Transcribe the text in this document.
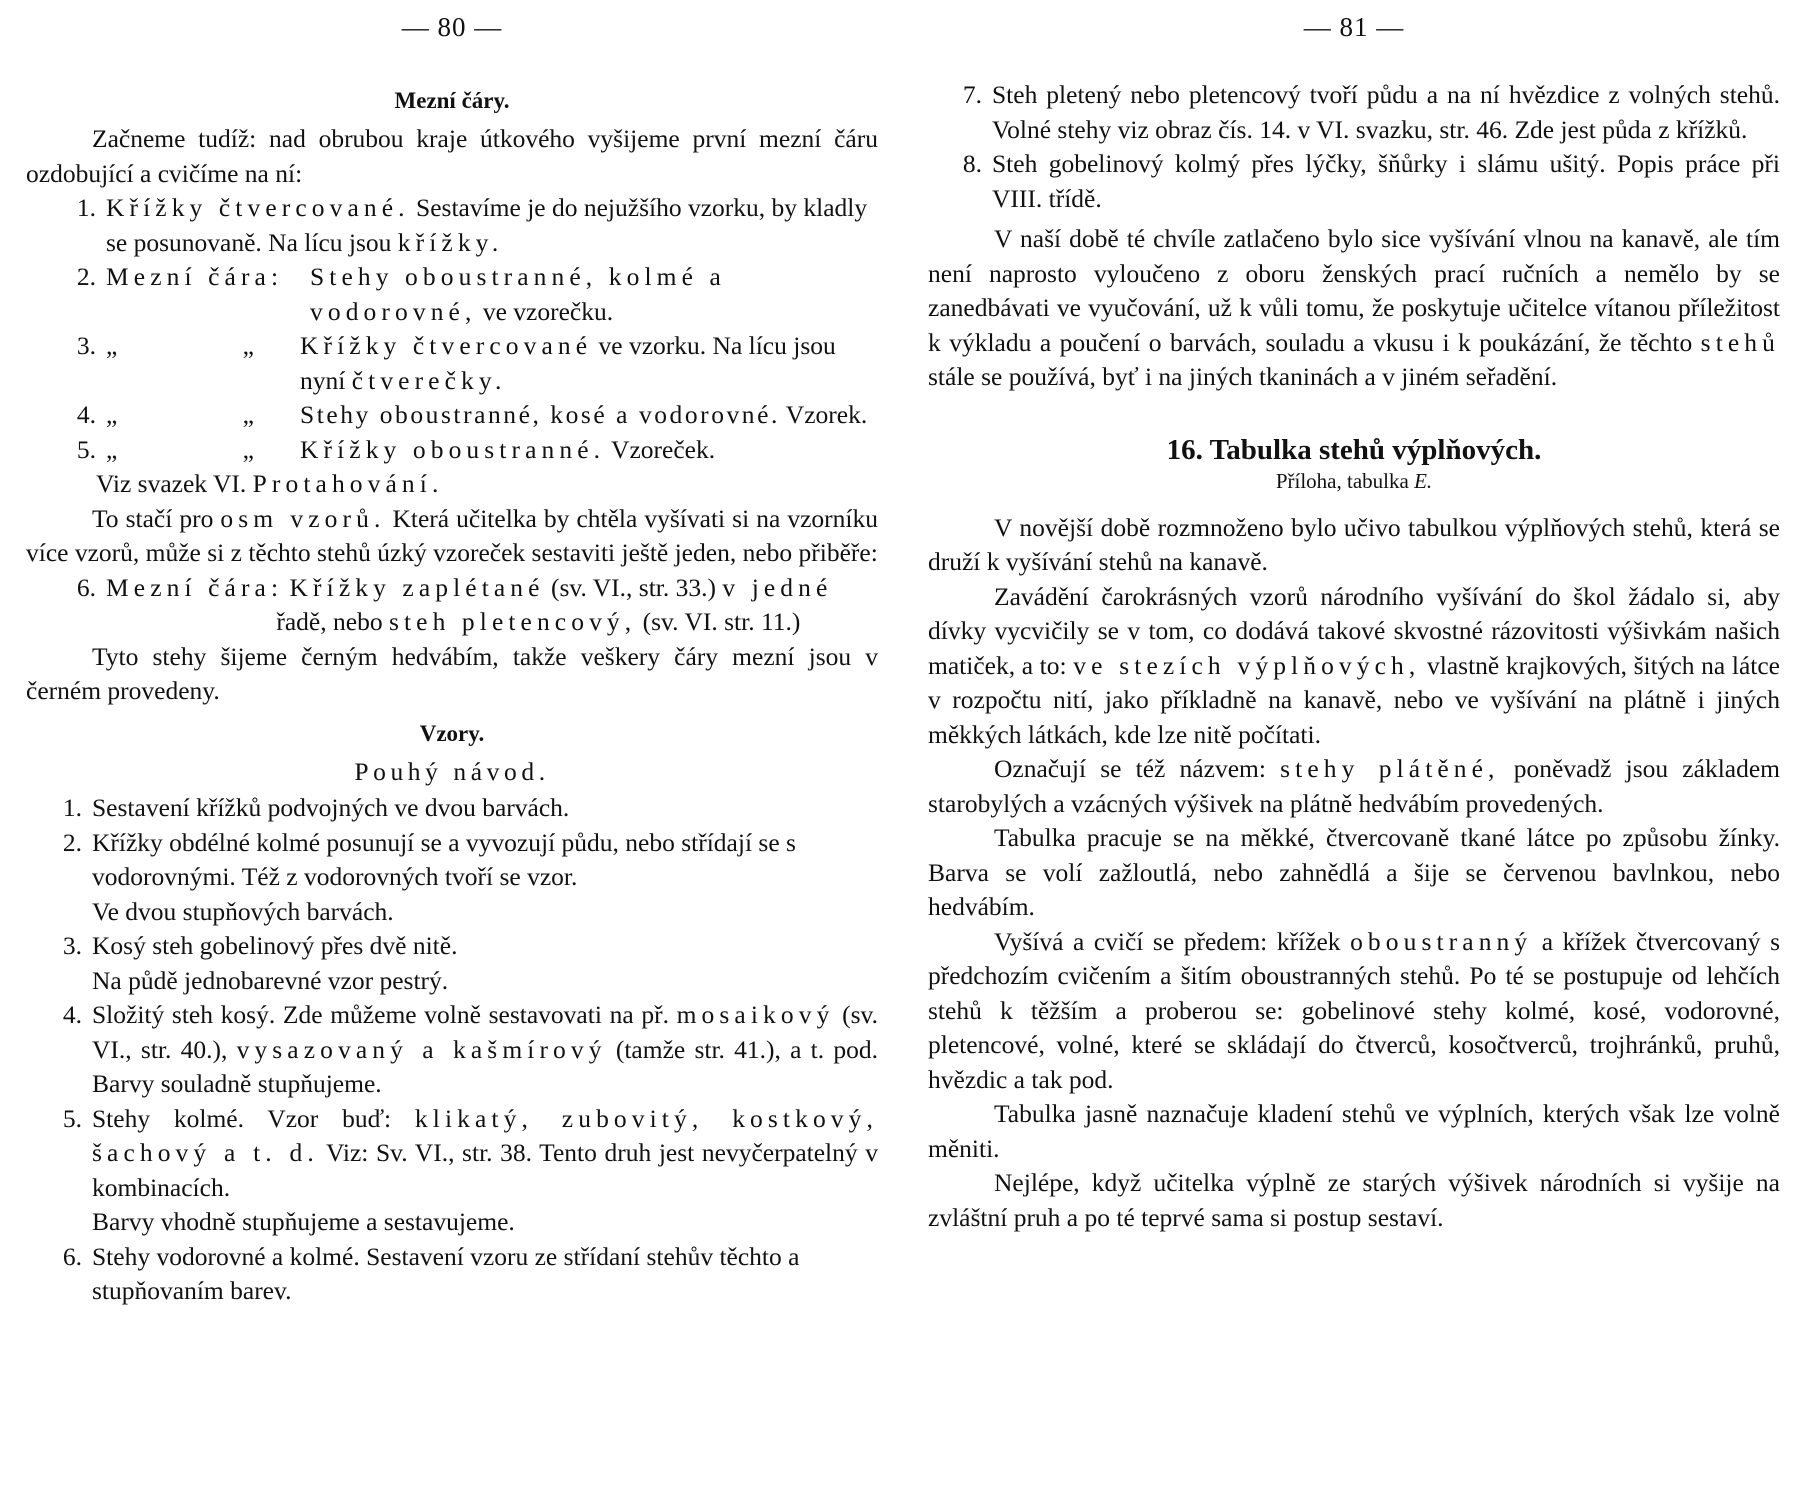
— 80 —
Mezní čáry.

Začneme tudíž: nad obrubou kraje útkového vyšijeme první mezní čáru ozdobující a cvičíme na ní:

1. Křížky čtvercované. Sestavíme je do nejužšího vzorku, by kladly se posunovaně. Na lícu jsou křížky.
2. Mezní čára:	Stehy oboustranné, kolmé a vodorovné, ve vzorečku.
3. „	„ Křížky čtvercované ve vzorku. Na lícu jsou nyní čtverečky.
4. „	„ Stehy oboustranné, kosé a vodorovné. Vzorek.
5. „	„ Křížky oboustranné. Vzoreček.
Viz svazek VI. Protahování.

To stačí pro osm vzorů. Která učitelka by chtěla vyšívati si na vzorníku více vzorů, může si z těchto stehů úzký vzoreček sestaviti ještě jeden, nebo přiběře:

6. Mezní čára: Křížky zaplétané (sv. VI., str. 33.) v jedné
řadě, nebo steh pletencový, (sv. VI. str. 11.)

Tyto stehy šijeme černým hedvábím, takže veškery čáry mezní jsou v černém provedeny.

Vzory.
Pouhý návod.
1. Sestavení křížků podvojných ve dvou barvách.
2. Křížky obdélné kolmé posunují se a vyvozují půdu, nebo střídají se s vodorovnými. Též z vodorovných tvoří se vzor.
Ve dvou stupňových barvách.
3. Kosý steh gobelinový přes dvě nitě.
Na půdě jednobarevné vzor pestrý.
4. Složitý steh kosý. Zde můžeme volně sestavovati na př. mosaikový (sv. VI., str. 40.), vysazovaný a kašmírový (tamže str. 41.), a t. pod. Barvy souladně stupňujeme.
5. Stehy kolmé. Vzor buď: klikatý, zubovitý, kostkový, šachový a t. d. Viz: Sv. VI., str. 38. Tento druh jest nevyčerpatelný v kombinacích.
Barvy vhodně stupňujeme a sestavujeme.
6. Stehy vodorovné a kolmé. Sestavení vzoru ze střídaní stehův těchto a stupňovaním barev.
— 81 —
7. Steh pletený nebo pletencový tvoří půdu a na ní hvězdice z volných stehů. Volné stehy viz obraz čís. 14. v VI. svazku, str. 46. Zde jest půda z křížků.
8. Steh gobelinový kolmý přes lýčky, šňůrky i slámu ušitý. Popis práce při VIII. třídě.

V naší době té chvíle zatlačeno bylo sice vyšívání vlnou na kanavě, ale tím není naprosto vyloučeno z oboru ženských prací ručních a nemělo by se zanedbávati ve vyučování, už k vůli tomu, že poskytuje učitelce vítanou příležitost k výkladu a poučení o barvách, souladu a vkusu i k poukázání, že těchto stehů stále se používá, byť i na jiných tkaninách a v jiném seřadění.

16. Tabulka stehů výplňových.
Příloha, tabulka E.

V novější době rozmnoženo bylo učivo tabulkou výplňových stehů, která se druží k vyšívání stehů na kanavě.

Zavádění čarokrásných vzorů národního vyšívání do škol žádalo si, aby dívky vycvičily se v tom, co dodává takové skvostné rázovitosti výšivkám našich matiček, a to: ve stezích výplňových, vlastně krajkových, šitých na látce v rozpočtu nití, jako příkladně na kanavě, nebo ve vyšívání na plátně i jiných měkkých látkách, kde lze nitě počítati.

Označují se též názvem: stehy plátěné, poněvadž jsou základem starobylých a vzácných výšivek na plátně hedvábím provedených.

Tabulka pracuje se na měkké, čtvercovaně tkané látce po způsobu žínky. Barva se volí zažloutlá, nebo zahnědlá a šije se červenou bavlnkou, nebo hedvábím.

Vyšívá a cvičí se předem: křížek oboustranný a křížek čtvercovaný s předchozím cvičením a šitím oboustranných stehů. Po té se postupuje od lehčích stehů k těžším a proberou se: gobelinové stehy kolmé, kosé, vodorovné, pletencové, volné, které se skládají do čtverců, kosočtverců, trojhránků, pruhů, hvězdic a tak pod.

Tabulka jasně naznačuje kladení stehů ve výplních, kterých však lze volně měniti.

Nejlépe, když učitelka výplně ze starých výšivek národních si vyšije na zvláštní pruh a po té teprvé sama si postup sestaví.
